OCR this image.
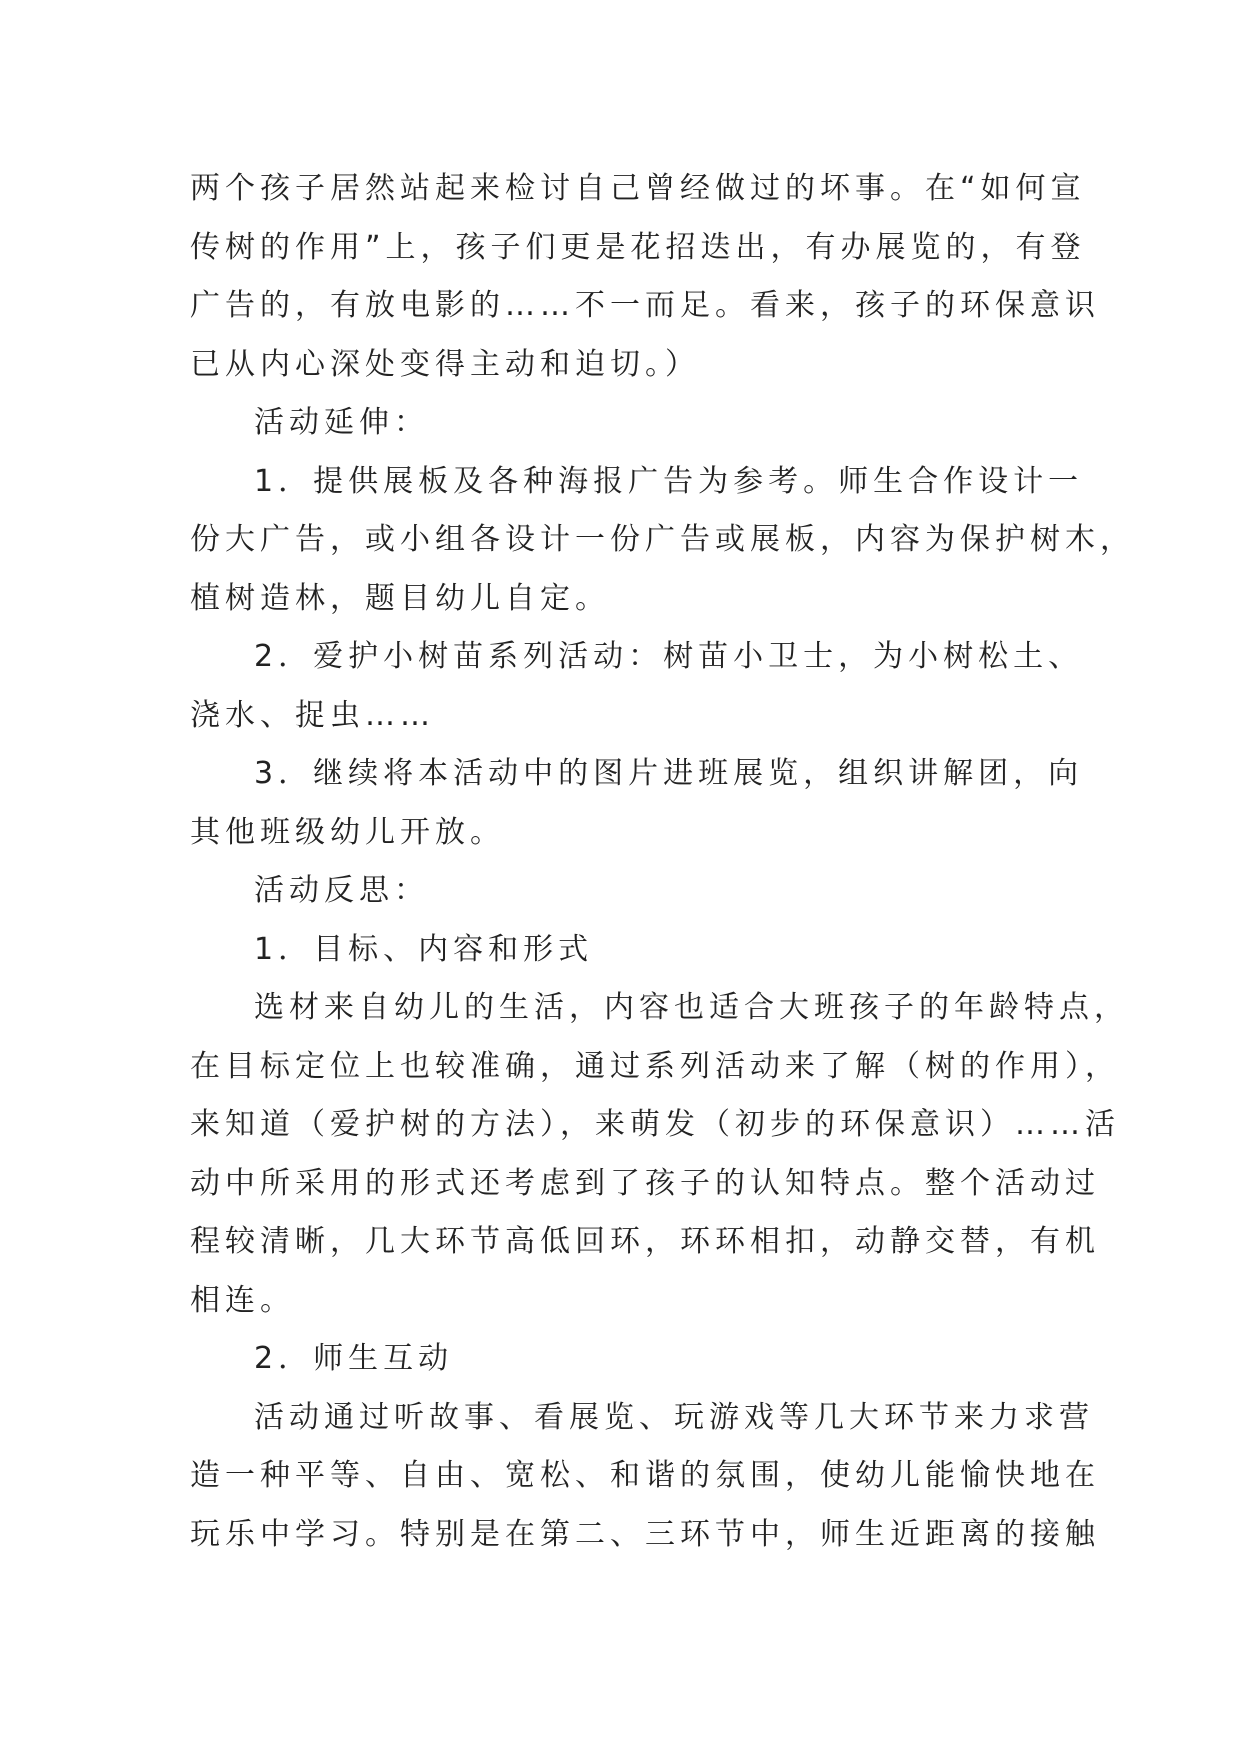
两个孩子居然站起来检讨自己曾经做过的坏事。在“如何宣
传树的作用”上，孩子们更是花招迭出，有办展览的，有登
广告的，有放电影的……不一而足。看来，孩子的环保意识
已从内心深处变得主动和迫切。）
活动延伸：
1．提供展板及各种海报广告为参考。师生合作设计一
份大广告，或小组各设计一份广告或展板，内容为保护树木，
植树造林，题目幼儿自定。
2．爱护小树苗系列活动：树苗小卫士，为小树松土、
浇水、捉虫……
3．继续将本活动中的图片进班展览，组织讲解团，向
其他班级幼儿开放。
活动反思：
1．目标、内容和形式
选材来自幼儿的生活，内容也适合大班孩子的年龄特点，
在目标定位上也较准确，通过系列活动来了解（树的作用），
来知道（爱护树的方法），来萌发（初步的环保意识）……活
动中所采用的形式还考虑到了孩子的认知特点。整个活动过
程较清晰，几大环节高低回环，环环相扣，动静交替，有机
相连。
2．师生互动
活动通过听故事、看展览、玩游戏等几大环节来力求营
造一种平等、自由、宽松、和谐的氛围，使幼儿能愉快地在
玩乐中学习。特别是在第二、三环节中，师生近距离的接触
